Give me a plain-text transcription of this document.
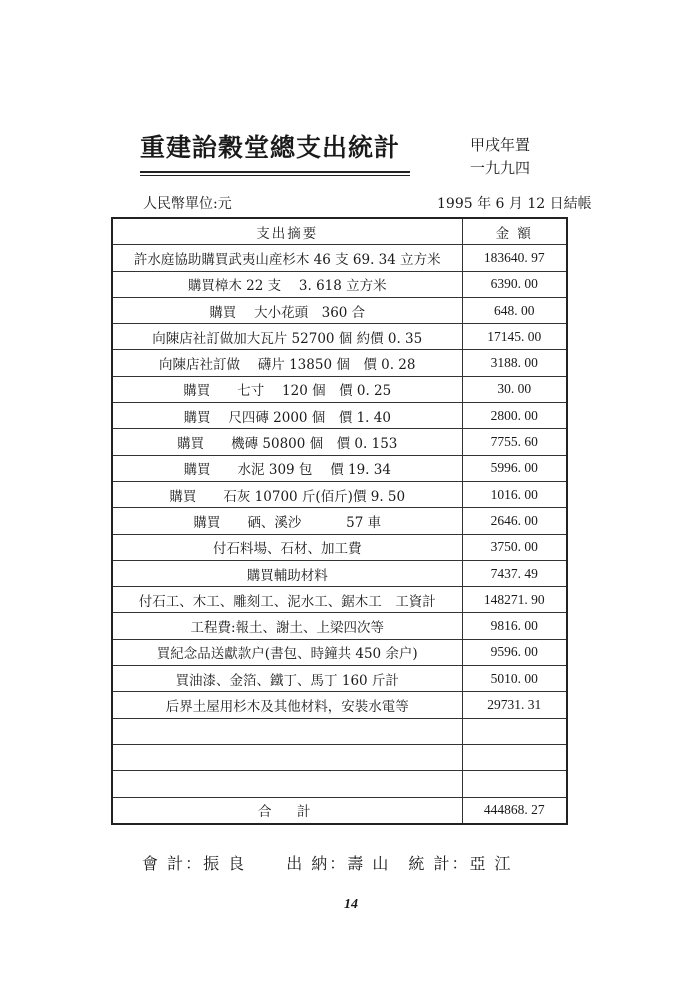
重建詒穀堂總支出統計	甲戌年置
一九九四
人民幣單位:元	1995 年 6 月 12 日結帳
支出摘要	金 額
許水庭協助購買武夷山産杉木 46 支 69. 34 立方米	183640. 97
購買樟木 22 支　 3. 618 立方米	6390. 00
購買　 大小花頭　360 合	648. 00
向陳店社訂做加大瓦片 52700 個 約價 0. 35	17145. 00
向陳店社訂做　 礴片 13850 個　價 0. 28	3188. 00
購買　　七寸　 120 個　價 0. 25	30. 00
購買　 尺四磚 2000 個　價 1. 40	2800. 00
購買　　機磚 50800 個　價 0. 153	7755. 60
購買　　水泥 309 包　 價 19. 34	5996. 00
購買　　石灰 10700 斤(佰斤)價 9. 50	1016. 00
購買　　硒、溪沙　　　 57 車	2646. 00
付石料場、石材、加工費	3750. 00
購買輔助材料	7437. 49
付石工、木工、雕刻工、泥水工、鋸木工　工資計	148271. 90
工程費:報土、謝土、上梁四次等	9816. 00
買紀念品送獻款户(書包、時鐘共 450 余户)	9596. 00
買油漆、金箔、鐵丁、馬丁 160 斤計	5010. 00
后界土屋用杉木及其他材料，安裝水電等	29731. 31

合　計	444868. 27
會 計：振 良	出 納：壽 山 統 計：亞 江
14
